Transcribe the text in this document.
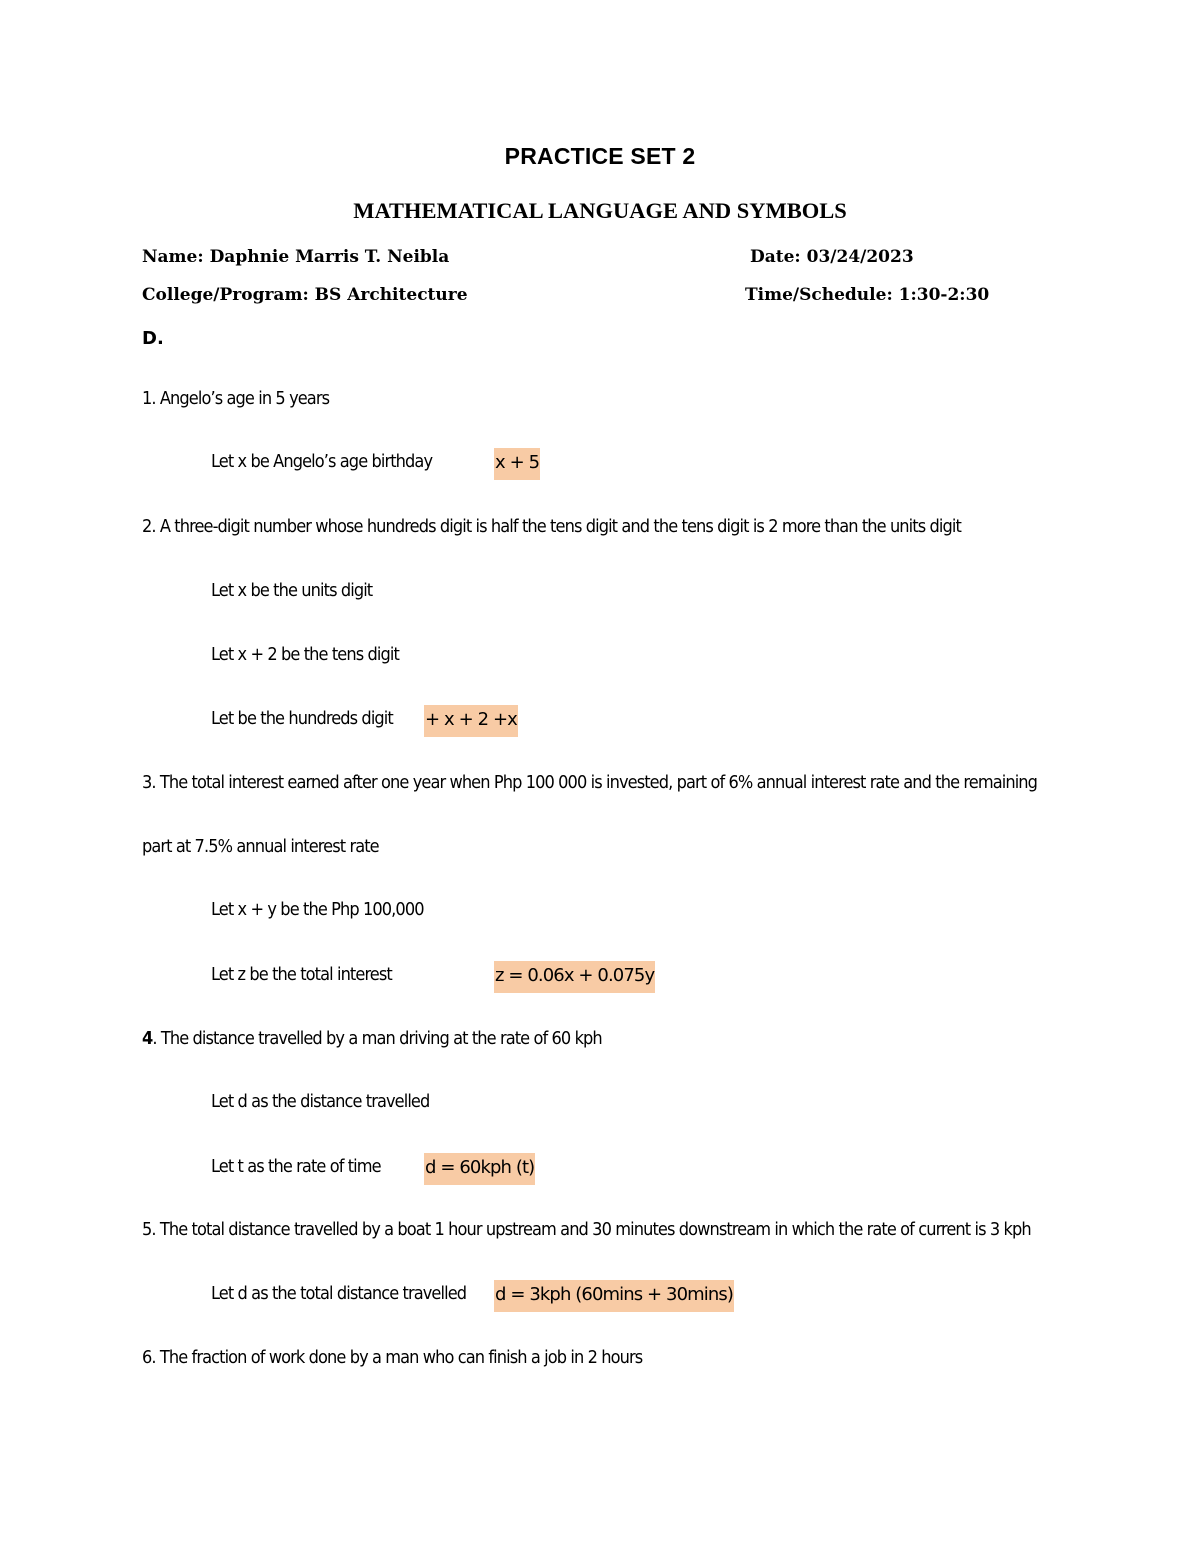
PRACTICE SET 2
MATHEMATICAL LANGUAGE AND SYMBOLS
Name: Daphnie Marris T. Neibla	Date: 03/24/2023
College/Program: BS Architecture	Time/Schedule: 1:30-2:30
D.
1. Angelo’s age in 5 years
Let x be Angelo’s age birthday	x + 5
2. A three-digit number whose hundreds digit is half the tens digit and the tens digit is 2 more than the units digit
Let x be the units digit
Let x + 2 be the tens digit
Let be the hundreds digit + x + 2 +x
3. The total interest earned after one year when Php 100 000 is invested, part of 6% annual interest rate and the remaining
part at 7.5% annual interest rate
Let x + y be the Php 100,000
Let z be the total interest	z = 0.06x + 0.075y
4. The distance travelled by a man driving at the rate of 60 kph
Let d as the distance travelled
Let t as the rate of time d = 60kph (t)
5. The total distance travelled by a boat 1 hour upstream and 30 minutes downstream in which the rate of current is 3 kph
Let d as the total distance travelled d = 3kph (60mins + 30mins)
6. The fraction of work done by a man who can finish a job in 2 hours
